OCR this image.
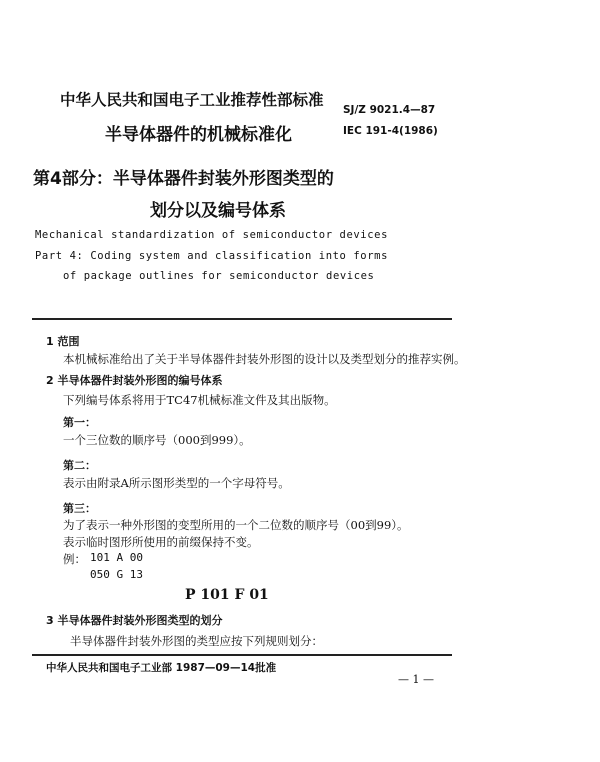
中华人民共和国电子工业推荐性部标准
SJ/Z 9021.4—87
IEC 191-4(1986)
半导体器件的机械标准化
第4部分：半导体器件封装外形图类型的
划分以及编号体系
Mechanical standardization of semiconductor devices
Part 4: Coding system and classification into forms
of package outlines for semiconductor devices
1 范围
本机械标准给出了关于半导体器件封装外形图的设计以及类型划分的推荐实例。
2 半导体器件封装外形图的编号体系
下列编号体系将用于TC47机械标准文件及其出版物。
第一：
一个三位数的顺序号（000到999）。
第二：
表示由附录A所示图形类型的一个字母符号。
第三：
为了表示一种外形图的变型所用的一个二位数的顺序号（00到99）。
表示临时图形所使用的前缀保持不变。
例： 101 A 00
050 G 13
P 101 F 01
3 半导体器件封装外形图类型的划分
半导体器件封装外形图的类型应按下列规则划分：
中华人民共和国电子工业部 1987—09—14批准
— 1 —
